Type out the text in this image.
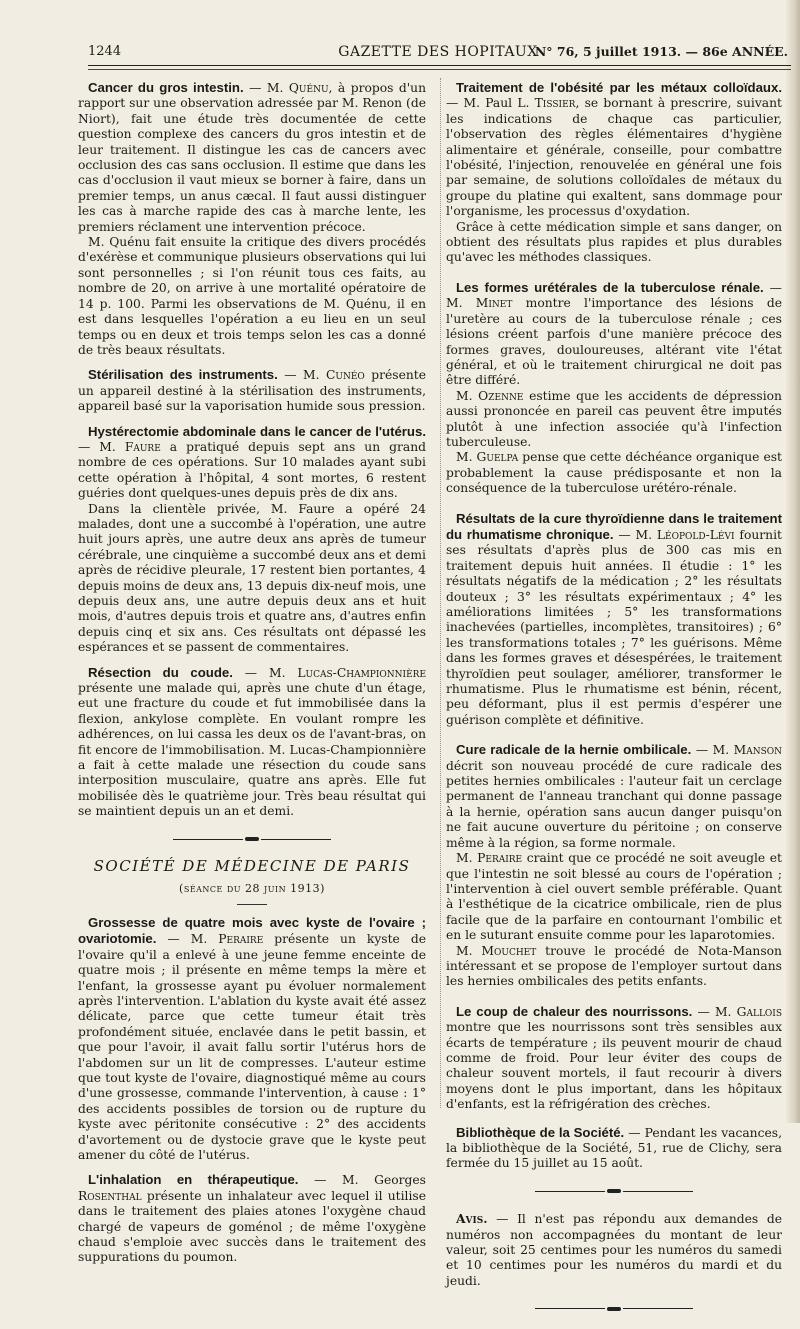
1244	GAZETTE DES HOPITAUX
N° 76, 5 juillet 1913. — 86e ANNÉE.

Cancer du gros intestin. — M. Quénu, à propos d'un rapport sur une observation adressée par M. Renon (de Niort), fait une étude très documentée de cette question complexe des cancers du gros intestin et de leur traitement. Il distingue les cas de cancers avec occlusion des cas sans occlusion. Il estime que dans les cas d'occlusion il vaut mieux se borner à faire, dans un premier temps, un anus cæcal. Il faut aussi distinguer les cas à marche rapide des cas à marche lente, les premiers réclament une intervention précoce.

M. Quénu fait ensuite la critique des divers procédés d'exérèse et communique plusieurs observations qui lui sont personnelles ; si l'on réunit tous ces faits, au nombre de 20, on arrive à une mortalité opératoire de 14 p. 100. Parmi les observations de M. Quénu, il en est dans lesquelles l'opération a eu lieu en un seul temps ou en deux et trois temps selon les cas a donné de très beaux résultats.

Stérilisation des instruments. — M. Cunéo présente un appareil destiné à la stérilisation des instruments, appareil basé sur la vaporisation humide sous pression.

Hystérectomie abdominale dans le cancer de l'utérus. — M. Faure a pratiqué depuis sept ans un grand nombre de ces opérations. Sur 10 malades ayant subi cette opération à l'hôpital, 4 sont mortes, 6 restent guéries dont quelques-unes depuis près de dix ans.

Dans la clientèle privée, M. Faure a opéré 24 malades, dont une a succombé à l'opération, une autre huit jours après, une autre deux ans après de tumeur cérébrale, une cinquième a succombé deux ans et demi après de récidive pleurale, 17 restent bien portantes, 4 depuis moins de deux ans, 13 depuis dix-neuf mois, une depuis deux ans, une autre depuis deux ans et huit mois, d'autres depuis trois et quatre ans, d'autres enfin depuis cinq et six ans. Ces résultats ont dépassé les espérances et se passent de commentaires.

Résection du coude. — M. Lucas-Championnière présente une malade qui, après une chute d'un étage, eut une fracture du coude et fut immobilisée dans la flexion, ankylose complète. En voulant rompre les adhérences, on lui cassa les deux os de l'avant-bras, on fit encore de l'immobilisation. M. Lucas-Championnière a fait à cette malade une résection du coude sans interposition musculaire, quatre ans après. Elle fut mobilisée dès le quatrième jour. Très beau résultat qui se maintient depuis un an et demi.

SOCIÉTÉ DE MÉDECINE DE PARIS
(séance du 28 juin 1913)

Grossesse de quatre mois avec kyste de l'ovaire ; ovariotomie. — M. Peraire présente un kyste de l'ovaire qu'il a enlevé à une jeune femme enceinte de quatre mois ; il présente en même temps la mère et l'enfant, la grossesse ayant pu évoluer normalement après l'intervention. L'ablation du kyste avait été assez délicate, parce que cette tumeur était très profondément située, enclavée dans le petit bassin, et que pour l'avoir, il avait fallu sortir l'utérus hors de l'abdomen sur un lit de compresses. L'auteur estime que tout kyste de l'ovaire, diagnostiqué même au cours d'une grossesse, commande l'intervention, à cause : 1° des accidents possibles de torsion ou de rupture du kyste avec péritonite consécutive : 2° des accidents d'avortement ou de dystocie grave que le kyste peut amener du côté de l'utérus.

L'inhalation en thérapeutique. — M. Georges Rosenthal présente un inhalateur avec lequel il utilise dans le traitement des plaies atones l'oxygène chaud chargé de vapeurs de goménol ; de même l'oxygène chaud s'emploie avec succès dans le traitement des suppurations du poumon.

Traitement de l'obésité par les métaux colloïdaux. — M. Paul L. Tissier, se bornant à prescrire, suivant les indications de chaque cas particulier, l'observation des règles élémentaires d'hygiène alimentaire et générale, conseille, pour combattre l'obésité, l'injection, renouvelée en général une fois par semaine, de solutions colloïdales de métaux du groupe du platine qui exaltent, sans dommage pour l'organisme, les processus d'oxydation.

Grâce à cette médication simple et sans danger, on obtient des résultats plus rapides et plus durables qu'avec les méthodes classiques.

Les formes urétérales de la tuberculose rénale. — M. Minet montre l'importance des lésions de l'uretère au cours de la tuberculose rénale ; ces lésions créent parfois d'une manière précoce des formes graves, douloureuses, altérant vite l'état général, et où le traitement chirurgical ne doit pas être différé.

M. Ozenne estime que les accidents de dépression aussi prononcée en pareil cas peuvent être imputés plutôt à une infection associée qu'à l'infection tuberculeuse.

M. Guelpa pense que cette déchéance organique est probablement la cause prédisposante et non la conséquence de la tuberculose urétéro-rénale.

Résultats de la cure thyroïdienne dans le traitement du rhumatisme chronique. — M. Léopold-Lévi fournit ses résultats d'après plus de 300 cas mis en traitement depuis huit années. Il étudie : 1° les résultats négatifs de la médication ; 2° les résultats douteux ; 3° les résultats expérimentaux ; 4° les améliorations limitées ; 5° les transformations inachevées (partielles, incomplètes, transitoires) ; 6° les transformations totales ; 7° les guérisons. Même dans les formes graves et désespérées, le traitement thyroïdien peut soulager, améliorer, transformer le rhumatisme. Plus le rhumatisme est bénin, récent, peu déformant, plus il est permis d'espérer une guérison complète et définitive.

Cure radicale de la hernie ombilicale. — M. Manson décrit son nouveau procédé de cure radicale des petites hernies ombilicales : l'auteur fait un cerclage permanent de l'anneau tranchant qui donne passage à la hernie, opération sans aucun danger puisqu'on ne fait aucune ouverture du péritoine ; on conserve même à la région, sa forme normale.

M. Peraire craint que ce procédé ne soit aveugle et que l'intestin ne soit blessé au cours de l'opération ; l'intervention à ciel ouvert semble préférable. Quant à l'esthétique de la cicatrice ombilicale, rien de plus facile que de la parfaire en contournant l'ombilic et en le suturant ensuite comme pour les laparotomies.

M. Mouchet trouve le procédé de Nota-Manson intéressant et se propose de l'employer surtout dans les hernies ombilicales des petits enfants.

Le coup de chaleur des nourrissons. — M. Gallois montre que les nourrissons sont très sensibles aux écarts de température ; ils peuvent mourir de chaud comme de froid. Pour leur éviter des coups de chaleur souvent mortels, il faut recourir à divers moyens dont le plus important, dans les hôpitaux d'enfants, est la réfrigération des crèches.

Bibliothèque de la Société. — Pendant les vacances, la bibliothèque de la Société, 51, rue de Clichy, sera fermée du 15 juillet au 15 août.

Avis. — Il n'est pas répondu aux demandes de numéros non accompagnées du montant de leur valeur, soit 25 centimes pour les numéros du samedi et 10 centimes pour les numéros du mardi et du jeudi.
